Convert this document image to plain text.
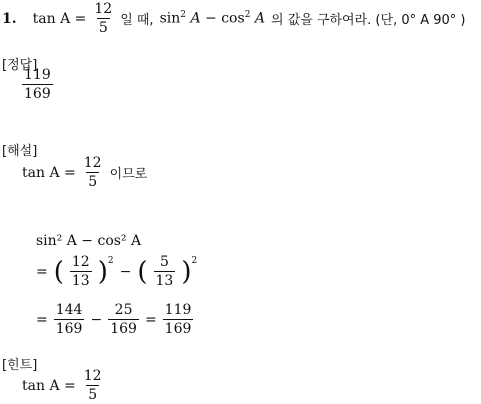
1. $\tan A = \frac{12}{5}$ 일 때, $\sin^2 A - \cos^2 A$ 의 값을 구하여라. (단, 0° A 90° )
[정답]
$\frac{119}{169}$
[해설]
$\tan A = \frac{12}{5}$ 이므로
sin² A − cos² A
= ( $\frac{12}{13} )^2$
− ( $\frac{5}{13} )^2$
= $\frac{144}{169} - \frac{25}{169} = \frac{119}{169}$
[힌트]
$\tan A = \frac{12}{5}$
